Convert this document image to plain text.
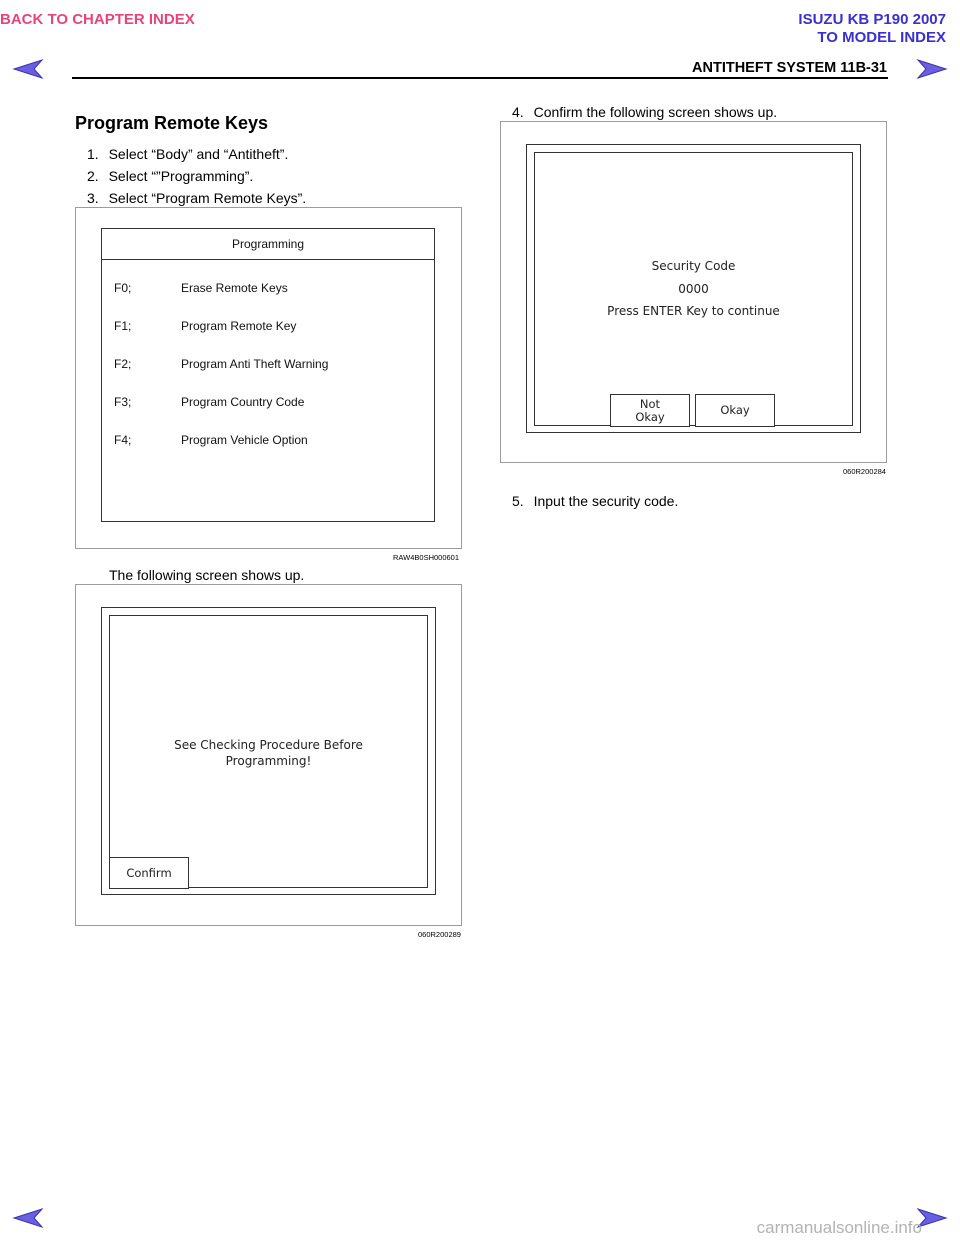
BACK TO CHAPTER INDEX	ISUZU KB P190 2007
TO MODEL INDEX
ANTITHEFT SYSTEM 11B-31
Program Remote Keys
1. Select “Body” and “Antitheft”.
2. Select “”Programming”.
3. Select “Program Remote Keys”.
Programming
F0;	Erase Remote Keys
F1;	Program Remote Key
F2;	Program Anti Theft Warning
F3;	Program Country Code
F4;	Program Vehicle Option
RAW4B0SH000601
The following screen shows up.
See Checking Procedure Before
Programming!
Confirm
060R200289
4. Confirm the following screen shows up.
Security Code
0000
Press ENTER Key to continue
Not
Okay	Okay
060R200284
5. Input the security code.
carmanualsonline.info
